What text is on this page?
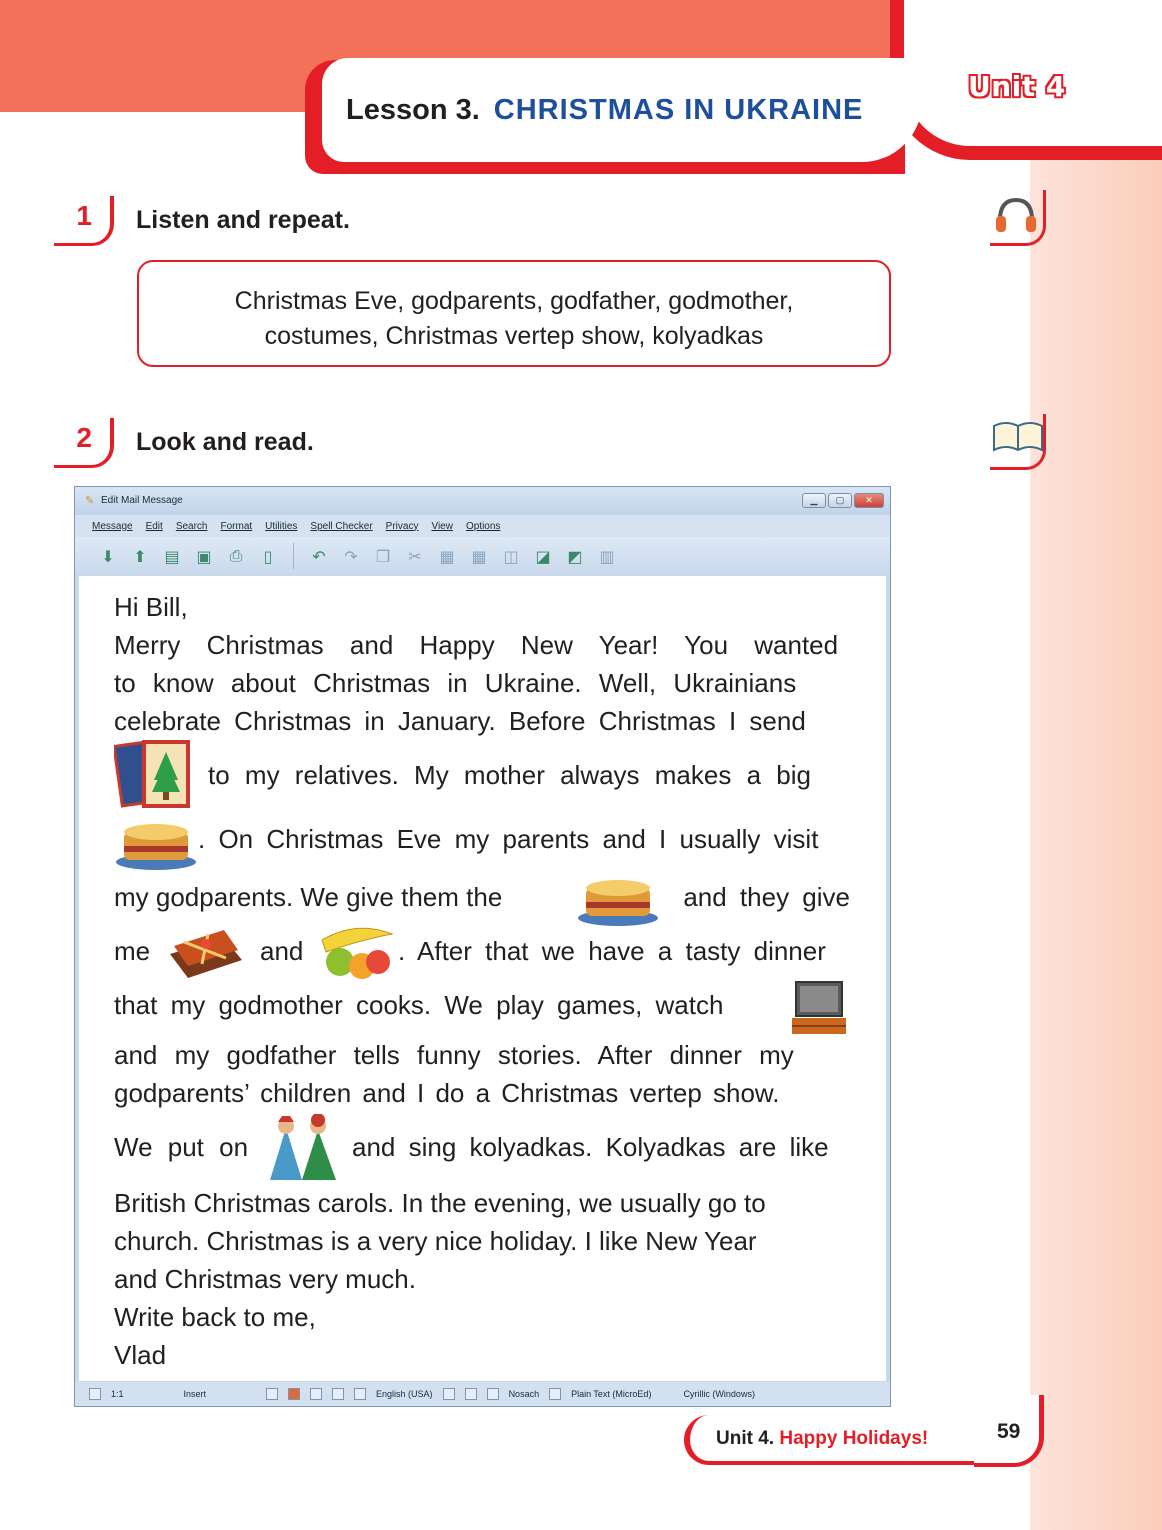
Unit 4
Lesson 3. CHRISTMAS IN UKRAINE
1	Listen and repeat.
Christmas Eve, godparents, godfather, godmother,
costumes, Christmas vertep show, kolyadkas
2	Look and read.
✎ Edit Mail Message	▁	▢	✕
Message Edit Search Format Utilities Spell Checker Privacy View Options
⬇	⬆	▤	▣	⎙	▯	↶	↷	❐	✂	▦	▦	◫	◪	◩	▥
1:1	Insert	English (USA)	Nosach	Plain Text (MicroEd)	Cyrillic (Windows)
Hi Bill,
Merry Christmas and Happy New Year! You wanted
to know about Christmas in Ukraine. Well, Ukrainians
celebrate Christmas in January. Before Christmas I send
to my relatives. My mother always makes a big
. On Christmas Eve my parents and I usually visit
my godparents. We give them the	and they give
me	and	. After that we have a tasty dinner
that my godmother cooks. We play games, watch
and my godfather tells funny stories. After dinner my
godparents’ children and I do a Christmas vertep show.
We put on	and sing kolyadkas. Kolyadkas are like
British Christmas carols. In the evening, we usually go to
church. Christmas is a very nice holiday. I like New Year
and Christmas very much.
Write back to me,
Vlad
Unit 4. Happy Holidays!	59
